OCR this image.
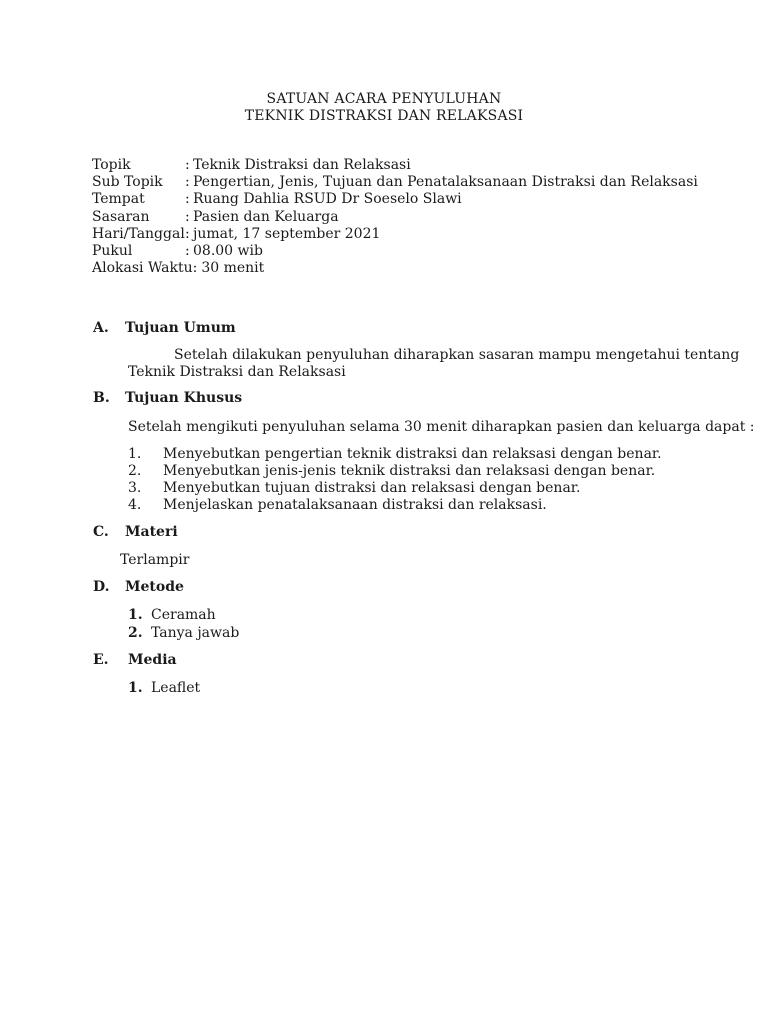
SATUAN ACARA PENYULUHAN
TEKNIK DISTRAKSI DAN RELAKSASI
Topik	: Teknik Distraksi dan Relaksasi
Sub Topik	: Pengertian, Jenis, Tujuan dan Penatalaksanaan Distraksi dan Relaksasi
Tempat	: Ruang Dahlia RSUD Dr Soeselo Slawi
Sasaran	: Pasien dan Keluarga
Hari/Tanggal : jumat, 17 september 2021
Pukul	: 08.00 wib
Alokasi Waktu: 30 menit
A.	Tujuan Umum
Setelah dilakukan penyuluhan diharapkan sasaran mampu mengetahui tentang
Teknik Distraksi dan Relaksasi
B.	Tujuan Khusus
Setelah mengikuti penyuluhan selama 30 menit diharapkan pasien dan keluarga dapat :
1.	Menyebutkan pengertian teknik distraksi dan relaksasi dengan benar.
2.	Menyebutkan jenis-jenis teknik distraksi dan relaksasi dengan benar.
3.	Menyebutkan tujuan distraksi dan relaksasi dengan benar.
4.	Menjelaskan penatalaksanaan distraksi dan relaksasi.
C.	Materi
Terlampir
D.	Metode
1. Ceramah
2. Tanya jawab
E.	Media
1. Leaflet
